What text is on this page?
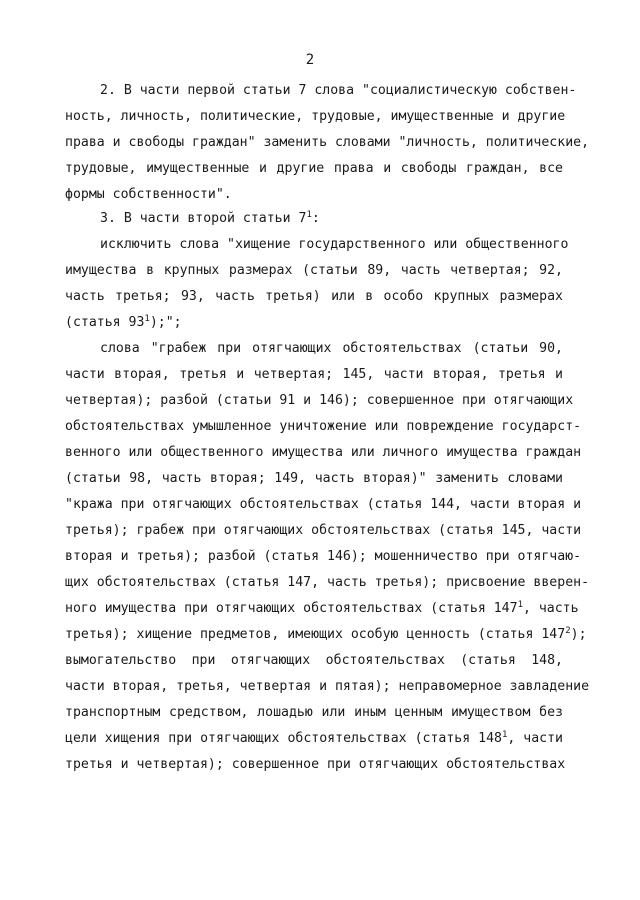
2
2. В части первой статьи 7 слова "социалистическую собствен-
ность, личность, политические, трудовые, имущественные и другие
права и свободы граждан" заменить словами "личность, политические,
трудовые, имущественные и другие права и свободы граждан, все
формы собственности".
3. В части второй статьи $7^1$:
исключить слова "хищение государственного или общественного
имущества в крупных размерах (статьи 89, часть четвертая; 92,
часть третья; 93, часть третья) или в особо крупных размерах
(статья $93^1$);";
слова "грабеж при отягчающих обстоятельствах (статьи 90,
части вторая, третья и четвертая; 145, части вторая, третья и
четвертая); разбой (статьи 91 и 146); совершенное при отягчающих
обстоятельствах умышленное уничтожение или повреждение государст-
венного или общественного имущества или личного имущества граждан
(статьи 98, часть вторая; 149, часть вторая)" заменить словами
"кража при отягчающих обстоятельствах (статья 144, части вторая и
третья); грабеж при отягчающих обстоятельствах (статья 145, части
вторая и третья); разбой (статья 146); мошенничество при отягчаю-
щих обстоятельствах (статья 147, часть третья); присвоение вверен-
ного имущества при отягчающих обстоятельствах (статья $147^1$, часть
третья); хищение предметов, имеющих особую ценность (статья $147^2$);
вымогательство при отягчающих обстоятельствах (статья 148,
части вторая, третья, четвертая и пятая); неправомерное завладение
транспортным средством, лошадью или иным ценным имуществом без
цели хищения при отягчающих обстоятельствах (статья $148^1$, части
третья и четвертая); совершенное при отягчающих обстоятельствах
